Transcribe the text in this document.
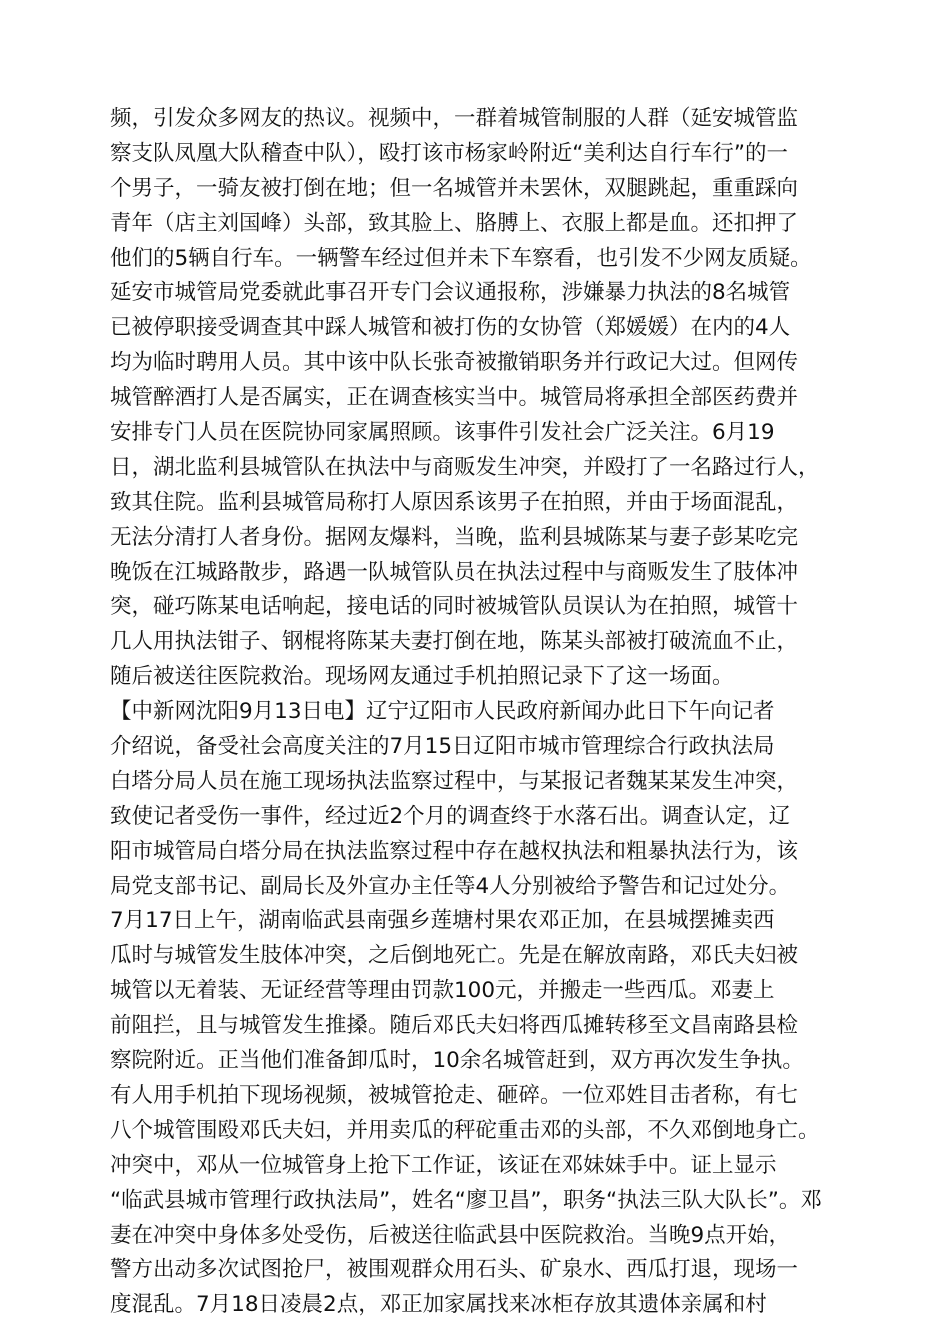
频，引发众多网友的热议。视频中，一群着城管制服的人群（延安城管监
察支队凤凰大队稽查中队），殴打该市杨家岭附近“美利达自行车行”的一
个男子，一骑友被打倒在地；但一名城管并未罢休，双腿跳起，重重踩向
青年（店主刘国峰）头部，致其脸上、胳膊上、衣服上都是血。还扣押了
他们的5辆自行车。一辆警车经过但并未下车察看，也引发不少网友质疑。
延安市城管局党委就此事召开专门会议通报称，涉嫌暴力执法的8名城管
已被停职接受调查其中踩人城管和被打伤的女协管（郑媛媛）在内的4人
均为临时聘用人员。其中该中队长张奇被撤销职务并行政记大过。但网传
城管醉酒打人是否属实，正在调查核实当中。城管局将承担全部医药费并
安排专门人员在医院协同家属照顾。该事件引发社会广泛关注。6月19
日，湖北监利县城管队在执法中与商贩发生冲突，并殴打了一名路过行人，
致其住院。监利县城管局称打人原因系该男子在拍照，并由于场面混乱，
无法分清打人者身份。据网友爆料，当晚，监利县城陈某与妻子彭某吃完
晚饭在江城路散步，路遇一队城管队员在执法过程中与商贩发生了肢体冲
突，碰巧陈某电话响起，接电话的同时被城管队员误认为在拍照，城管十
几人用执法钳子、钢棍将陈某夫妻打倒在地，陈某头部被打破流血不止，
随后被送往医院救治。现场网友通过手机拍照记录下了这一场面。
【中新网沈阳9月13日电】辽宁辽阳市人民政府新闻办此日下午向记者
介绍说，备受社会高度关注的7月15日辽阳市城市管理综合行政执法局
白塔分局人员在施工现场执法监察过程中，与某报记者魏某某发生冲突，
致使记者受伤一事件，经过近2个月的调查终于水落石出。调查认定，辽
阳市城管局白塔分局在执法监察过程中存在越权执法和粗暴执法行为，该
局党支部书记、副局长及外宣办主任等4人分别被给予警告和记过处分。
7月17日上午，湖南临武县南强乡莲塘村果农邓正加，在县城摆摊卖西
瓜时与城管发生肢体冲突，之后倒地死亡。先是在解放南路，邓氏夫妇被
城管以无着装、无证经营等理由罚款100元，并搬走一些西瓜。邓妻上
前阻拦，且与城管发生推搡。随后邓氏夫妇将西瓜摊转移至文昌南路县检
察院附近。正当他们准备卸瓜时，10余名城管赶到，双方再次发生争执。
有人用手机拍下现场视频，被城管抢走、砸碎。一位邓姓目击者称，有七
八个城管围殴邓氏夫妇，并用卖瓜的秤砣重击邓的头部，不久邓倒地身亡。
冲突中，邓从一位城管身上抢下工作证，该证在邓妹妹手中。证上显示
“临武县城市管理行政执法局”，姓名“廖卫昌”，职务“执法三队大队长”。邓
妻在冲突中身体多处受伤，后被送往临武县中医院救治。当晚9点开始，
警方出动多次试图抢尸，被围观群众用石头、矿泉水、西瓜打退，现场一
度混乱。7月18日凌晨2点，邓正加家属找来冰柜存放其遗体亲属和村
